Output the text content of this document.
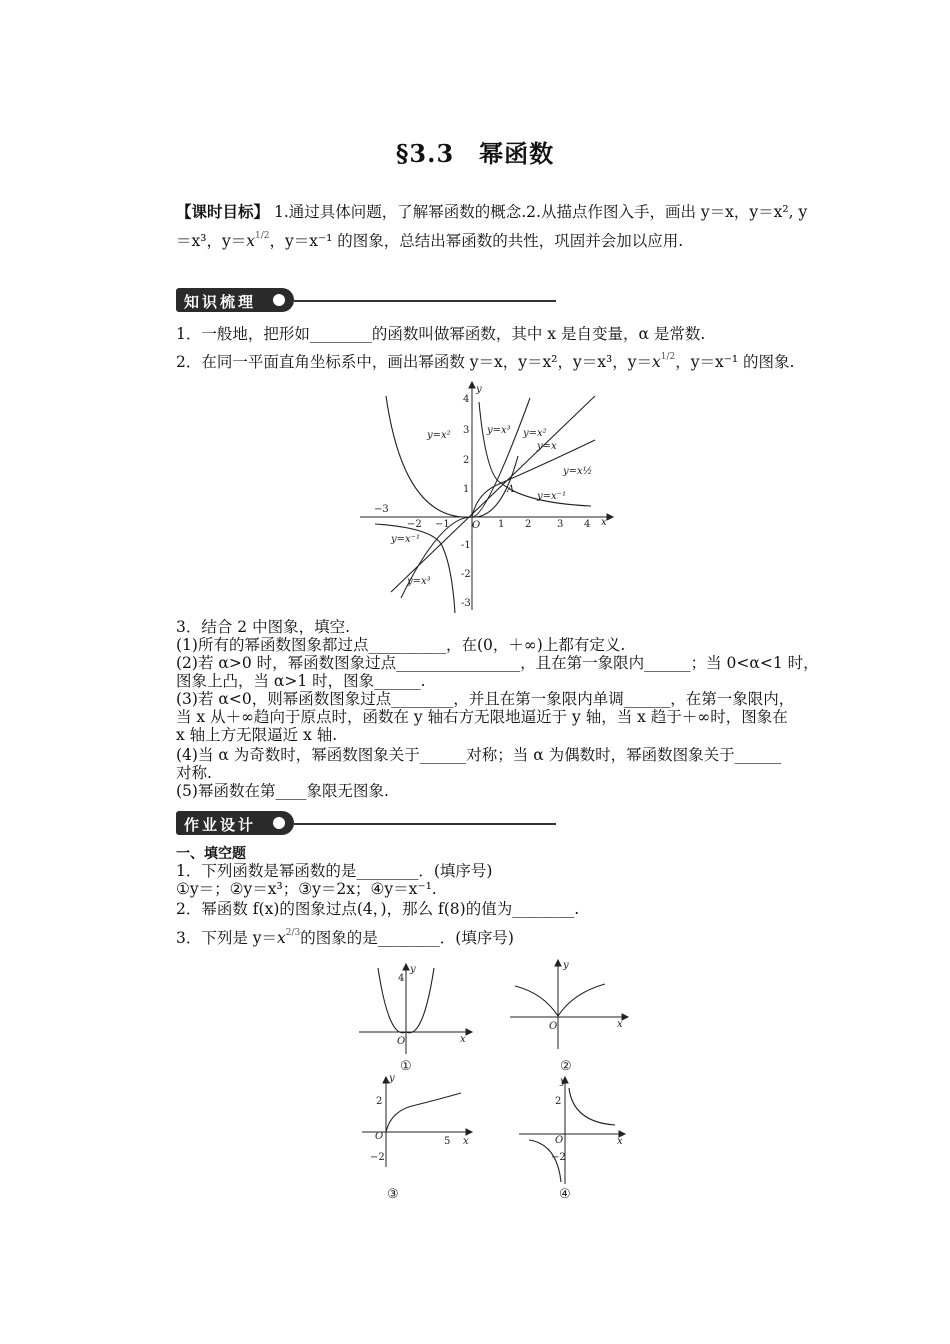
§3.3　幂函数
【课时目标】 1.通过具体问题，了解幂函数的概念.2.从描点作图入手，画出 y＝x，y＝x², y
＝x³，$y=x^{1/2}$，y＝x⁻¹ 的图象，总结出幂函数的共性，巩固并会加以应用.
知识梳理
1．一般地，把形如________的函数叫做幂函数，其中 x 是自变量，α 是常数.
2．在同一平面直角坐标系中，画出幂函数 y＝x，y＝x²，y＝x³，$y=x^{1/2}$，y＝x⁻¹ 的图象.
y=x²	y=x³ y=x²
y=x
y=x½
y=x⁻¹
y=x⁻¹
y=x³
A
x
y
O
−3
−2 −1	1 2	3 4
4
3
2
1
-1
-2
-3
3．结合 2 中图象，填空.
(1)所有的幂函数图象都过点__________，在(0，＋∞)上都有定义.
(2)若 α>0 时，幂函数图象过点________________，且在第一象限内______；当 0<α<1 时，
图象上凸，当 α>1 时，图象______.
(3)若 α<0，则幂函数图象过点________，并且在第一象限内单调______，在第一象限内，
当 x 从＋∞趋向于原点时，函数在 y 轴右方无限地逼近于 y 轴，当 x 趋于＋∞时，图象在
x 轴上方无限逼近 x 轴.
(4)当 α 为奇数时，幂函数图象关于______对称；当 α 为偶数时，幂函数图象关于______
对称.
(5)幂函数在第____象限无图象.
作业设计
一、填空题
1．下列函数是幂函数的是________．(填序号)
①y＝；②y＝x³；③y＝2x；④y＝x⁻¹.
2．幂函数 f(x)的图象过点(4，)，那么 f(8)的值为________.
3．下列是 $y=x^{2/3}$的图象的是________．(填序号)
4
O	x
y
①
O	x
y
②
2
−2
5
O	x
y
③
2
−2
O	x
y
④
